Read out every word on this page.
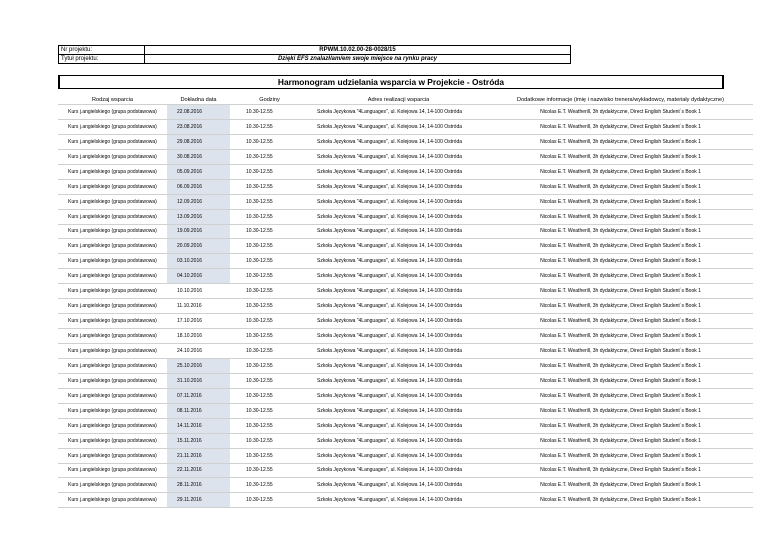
Nr projektu:	RPWM.10.02.00-28-0028/15
Tytuł projektu:	Dzięki EFS znalazł/am/em swoje miejsce na rynku pracy
Harmonogram udzielania wsparcia w Projekcie - Ostróda
Rodzaj wsparcia	Dokładna data	Godziny	Adres realizacji wsparcia	Dodatkowe informacje (imię i nazwisko trenera/wykładowcy, materiały dydaktyczne)
Kurs j.angielskiego (grupa podstawowa)	22.08.2016	10.30-12.55	Szkoła Językowa "4Languages", ul. Kolejowa 14, 14-100 Ostróda	Nicolas E.T. Weatherill, 3h dydaktyczne, Direct English Student`s Book 1
Kurs j.angielskiego (grupa podstawowa)	23.08.2016	10.30-12.55	Szkoła Językowa "4Languages", ul. Kolejowa 14, 14-100 Ostróda	Nicolas E.T. Weatherill, 3h dydaktyczne, Direct English Student`s Book 1
Kurs j.angielskiego (grupa podstawowa)	29.08.2016	10.30-12.55	Szkoła Językowa "4Languages", ul. Kolejowa 14, 14-100 Ostróda	Nicolas E.T. Weatherill, 3h dydaktyczne, Direct English Student`s Book 1
Kurs j.angielskiego (grupa podstawowa)	30.08.2016	10.30-12.55	Szkoła Językowa "4Languages", ul. Kolejowa 14, 14-100 Ostróda	Nicolas E.T. Weatherill, 3h dydaktyczne, Direct English Student`s Book 1
Kurs j.angielskiego (grupa podstawowa)	05.09.2016	10.30-12.55	Szkoła Językowa "4Languages", ul. Kolejowa 14, 14-100 Ostróda	Nicolas E.T. Weatherill, 3h dydaktyczne, Direct English Student`s Book 1
Kurs j.angielskiego (grupa podstawowa)	06.09.2016	10.30-12.55	Szkoła Językowa "4Languages", ul. Kolejowa 14, 14-100 Ostróda	Nicolas E.T. Weatherill, 3h dydaktyczne, Direct English Student`s Book 1
Kurs j.angielskiego (grupa podstawowa)	12.09.2016	10.30-12.55	Szkoła Językowa "4Languages", ul. Kolejowa 14, 14-100 Ostróda	Nicolas E.T. Weatherill, 3h dydaktyczne, Direct English Student`s Book 1
Kurs j.angielskiego (grupa podstawowa)	13.09.2016	10.30-12.55	Szkoła Językowa "4Languages", ul. Kolejowa 14, 14-100 Ostróda	Nicolas E.T. Weatherill, 3h dydaktyczne, Direct English Student`s Book 1
Kurs j.angielskiego (grupa podstawowa)	19.09.2016	10.30-12.55	Szkoła Językowa "4Languages", ul. Kolejowa 14, 14-100 Ostróda	Nicolas E.T. Weatherill, 3h dydaktyczne, Direct English Student`s Book 1
Kurs j.angielskiego (grupa podstawowa)	20.09.2016	10.30-12.55	Szkoła Językowa "4Languages", ul. Kolejowa 14, 14-100 Ostróda	Nicolas E.T. Weatherill, 3h dydaktyczne, Direct English Student`s Book 1
Kurs j.angielskiego (grupa podstawowa)	03.10.2016	10.30-12.55	Szkoła Językowa "4Languages", ul. Kolejowa 14, 14-100 Ostróda	Nicolas E.T. Weatherill, 3h dydaktyczne, Direct English Student`s Book 1
Kurs j.angielskiego (grupa podstawowa)	04.10.2016	10.30-12.55	Szkoła Językowa "4Languages", ul. Kolejowa 14, 14-100 Ostróda	Nicolas E.T. Weatherill, 3h dydaktyczne, Direct English Student`s Book 1
Kurs j.angielskiego (grupa podstawowa)	10.10.2016	10.30-12.55	Szkoła Językowa "4Languages", ul. Kolejowa 14, 14-100 Ostróda	Nicolas E.T. Weatherill, 3h dydaktyczne, Direct English Student`s Book 1
Kurs j.angielskiego (grupa podstawowa)	11.10.2016	10.30-12.55	Szkoła Językowa "4Languages", ul. Kolejowa 14, 14-100 Ostróda	Nicolas E.T. Weatherill, 3h dydaktyczne, Direct English Student`s Book 1
Kurs j.angielskiego (grupa podstawowa)	17.10.2016	10.30-12.55	Szkoła Językowa "4Languages", ul. Kolejowa 14, 14-100 Ostróda	Nicolas E.T. Weatherill, 3h dydaktyczne, Direct English Student`s Book 1
Kurs j.angielskiego (grupa podstawowa)	18.10.2016	10.30-12.55	Szkoła Językowa "4Languages", ul. Kolejowa 14, 14-100 Ostróda	Nicolas E.T. Weatherill, 3h dydaktyczne, Direct English Student`s Book 1
Kurs j.angielskiego (grupa podstawowa)	24.10.2016	10.30-12.55	Szkoła Językowa "4Languages", ul. Kolejowa 14, 14-100 Ostróda	Nicolas E.T. Weatherill, 3h dydaktyczne, Direct English Student`s Book 1
Kurs j.angielskiego (grupa podstawowa)	25.10.2016	10.30-12.55	Szkoła Językowa "4Languages", ul. Kolejowa 14, 14-100 Ostróda	Nicolas E.T. Weatherill, 3h dydaktyczne, Direct English Student`s Book 1
Kurs j.angielskiego (grupa podstawowa)	31.10.2016	10.30-12.55	Szkoła Językowa "4Languages", ul. Kolejowa 14, 14-100 Ostróda	Nicolas E.T. Weatherill, 3h dydaktyczne, Direct English Student`s Book 1
Kurs j.angielskiego (grupa podstawowa)	07.11.2016	10.30-12.55	Szkoła Językowa "4Languages", ul. Kolejowa 14, 14-100 Ostróda	Nicolas E.T. Weatherill, 3h dydaktyczne, Direct English Student`s Book 1
Kurs j.angielskiego (grupa podstawowa)	08.11.2016	10.30-12.55	Szkoła Językowa "4Languages", ul. Kolejowa 14, 14-100 Ostróda	Nicolas E.T. Weatherill, 3h dydaktyczne, Direct English Student`s Book 1
Kurs j.angielskiego (grupa podstawowa)	14.11.2016	10.30-12.55	Szkoła Językowa "4Languages", ul. Kolejowa 14, 14-100 Ostróda	Nicolas E.T. Weatherill, 3h dydaktyczne, Direct English Student`s Book 1
Kurs j.angielskiego (grupa podstawowa)	15.11.2016	10.30-12.55	Szkoła Językowa "4Languages", ul. Kolejowa 14, 14-100 Ostróda	Nicolas E.T. Weatherill, 3h dydaktyczne, Direct English Student`s Book 1
Kurs j.angielskiego (grupa podstawowa)	21.11.2016	10.30-12.55	Szkoła Językowa "4Languages", ul. Kolejowa 14, 14-100 Ostróda	Nicolas E.T. Weatherill, 3h dydaktyczne, Direct English Student`s Book 1
Kurs j.angielskiego (grupa podstawowa)	22.11.2016	10.30-12.55	Szkoła Językowa "4Languages", ul. Kolejowa 14, 14-100 Ostróda	Nicolas E.T. Weatherill, 3h dydaktyczne, Direct English Student`s Book 1
Kurs j.angielskiego (grupa podstawowa)	28.11.2016	10.30-12.55	Szkoła Językowa "4Languages", ul. Kolejowa 14, 14-100 Ostróda	Nicolas E.T. Weatherill, 3h dydaktyczne, Direct English Student`s Book 1
Kurs j.angielskiego (grupa podstawowa)	29.11.2016	10.30-12.55	Szkoła Językowa "4Languages", ul. Kolejowa 14, 14-100 Ostróda	Nicolas E.T. Weatherill, 3h dydaktyczne, Direct English Student`s Book 1
